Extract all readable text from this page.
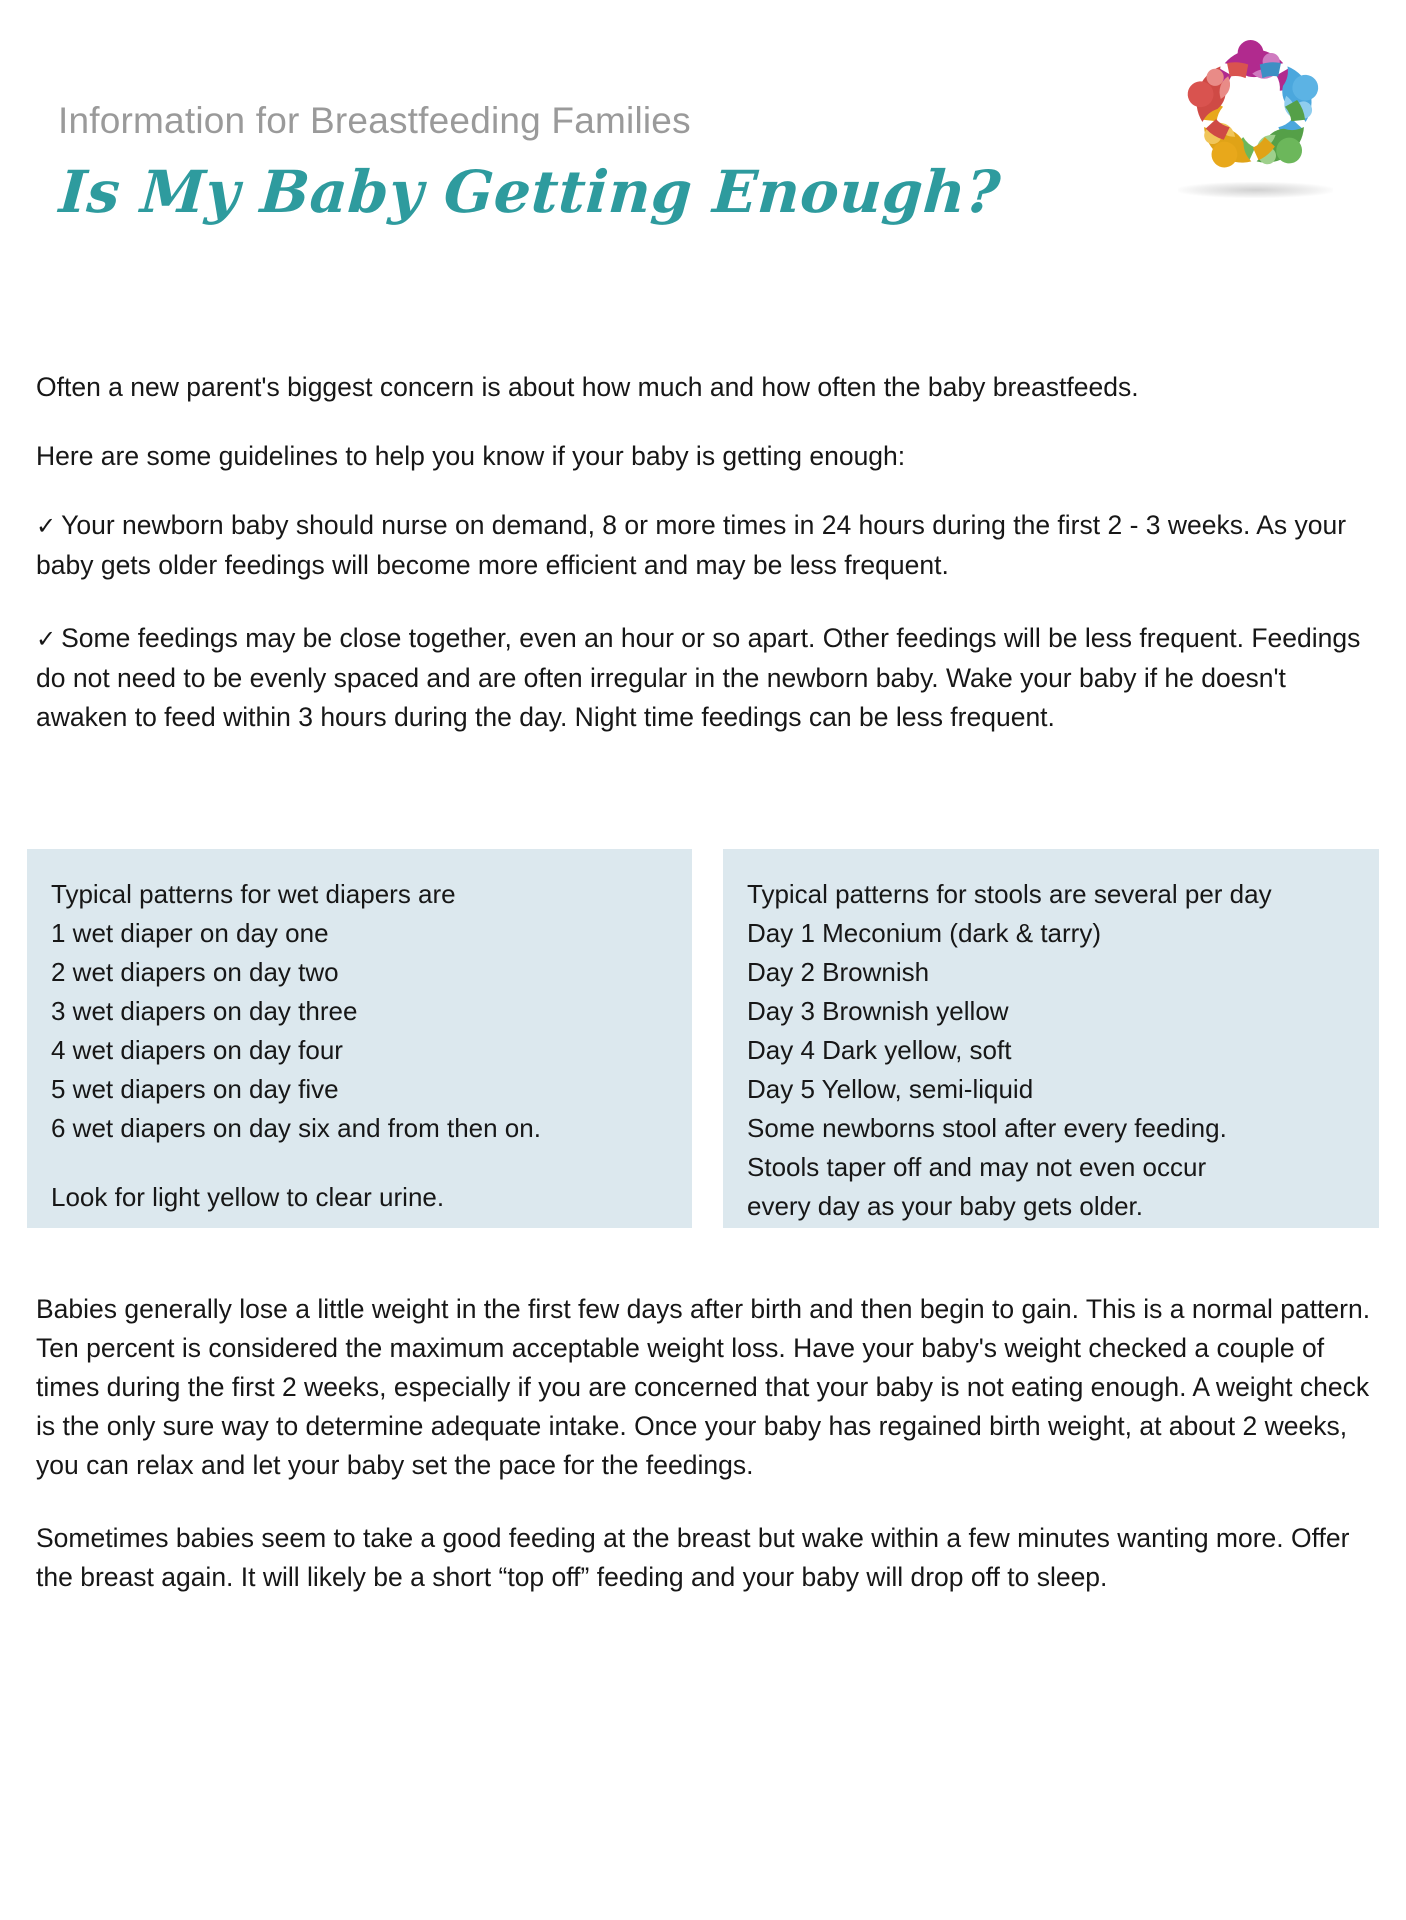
Information for Breastfeeding Families
Is My Baby Getting Enough?

Often a new parent's biggest concern is about how much and how often the baby breastfeeds.

Here are some guidelines to help you know if your baby is getting enough:

✓ Your newborn baby should nurse on demand, 8 or more times in 24 hours during the first 2 - 3 weeks. As your baby gets older feedings will become more efficient and may be less frequent.

✓ Some feedings may be close together, even an hour or so apart. Other feedings will be less frequent. Feedings do not need to be evenly spaced and are often irregular in the newborn baby. Wake your baby if he doesn't awaken to feed within 3 hours during the day. Night time feedings can be less frequent.

Typical patterns for wet diapers are
1 wet diaper on day one
2 wet diapers on day two
3 wet diapers on day three
4 wet diapers on day four
5 wet diapers on day five
6 wet diapers on day six and from then on.
Look for light yellow to clear urine.
Typical patterns for stools are several per day
Day 1 Meconium (dark & tarry)
Day 2 Brownish
Day 3 Brownish yellow
Day 4 Dark yellow, soft
Day 5 Yellow, semi-liquid
Some newborns stool after every feeding.
Stools taper off and may not even occur
every day as your baby gets older.

Babies generally lose a little weight in the first few days after birth and then begin to gain. This is a normal pattern. Ten percent is considered the maximum acceptable weight loss. Have your baby's weight checked a couple of times during the first 2 weeks, especially if you are concerned that your baby is not eating enough. A weight check is the only sure way to determine adequate intake. Once your baby has regained birth weight, at about 2 weeks, you can relax and let your baby set the pace for the feedings.

Sometimes babies seem to take a good feeding at the breast but wake within a few minutes wanting more. Offer the breast again. It will likely be a short “top off” feeding and your baby will drop off to sleep.
